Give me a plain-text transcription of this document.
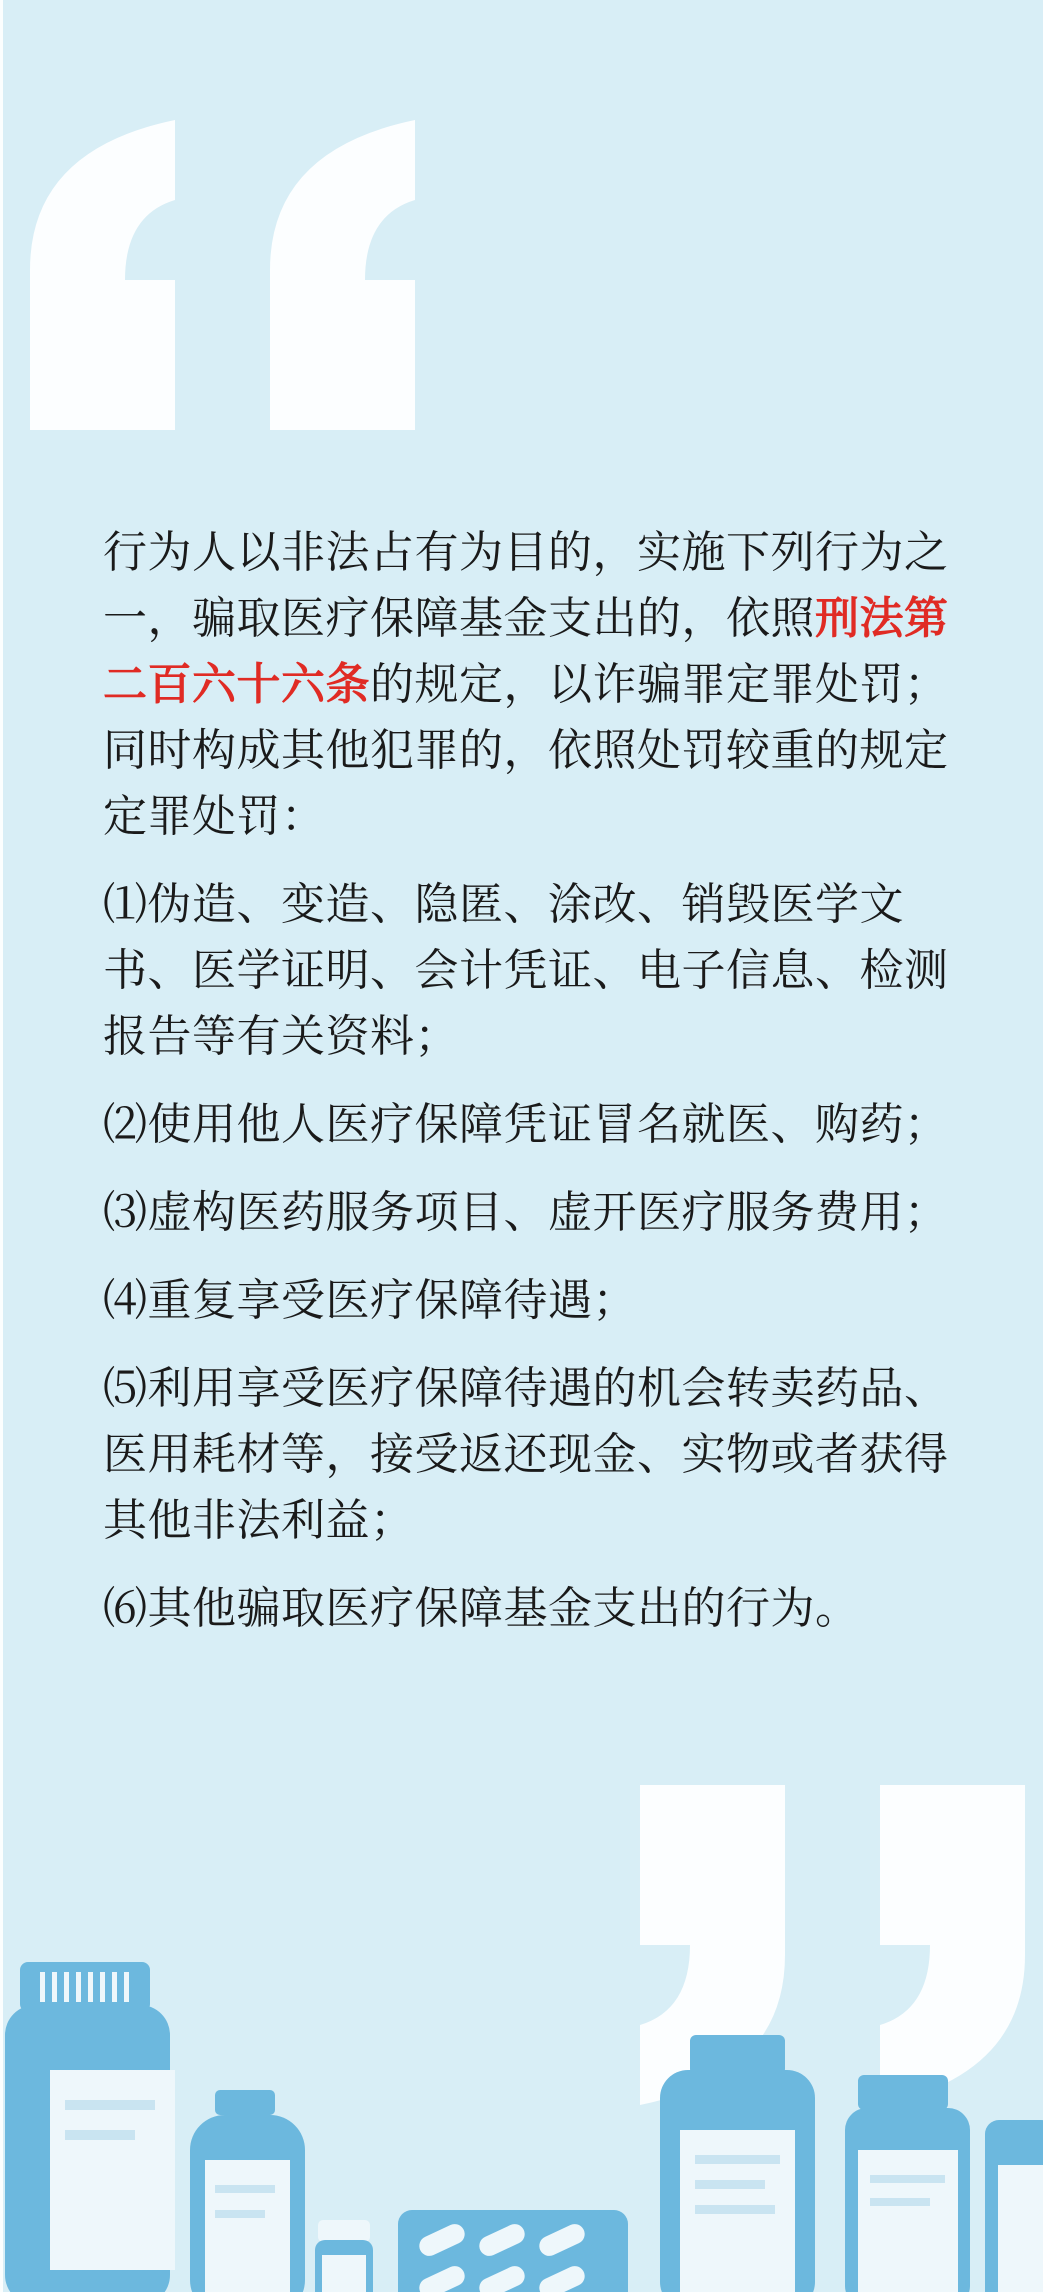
行为人以非法占有为目的，实施下列行为之一，骗取医疗保障基金支出的，依照刑法第二百六十六条的规定，以诈骗罪定罪处罚；同时构成其他犯罪的，依照处罚较重的规定定罪处罚：

⑴伪造、变造、隐匿、涂改、销毁医学文书、医学证明、会计凭证、电子信息、检测报告等有关资料；

⑵使用他人医疗保障凭证冒名就医、购药；

⑶虚构医药服务项目、虚开医疗服务费用；

⑷重复享受医疗保障待遇；

⑸利用享受医疗保障待遇的机会转卖药品、医用耗材等，接受返还现金、实物或者获得其他非法利益；

⑹其他骗取医疗保障基金支出的行为。
